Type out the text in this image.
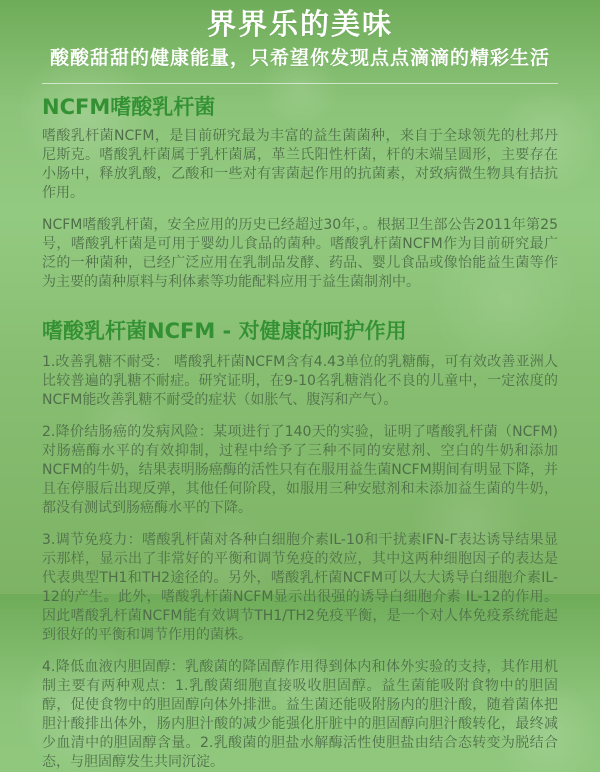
界界乐的美味
酸酸甜甜的健康能量，只希望你发现点点滴滴的精彩生活
NCFM嗜酸乳杆菌

嗜酸乳杆菌NCFM，是目前研究最为丰富的益生菌菌种，来自于全球领先的杜邦丹尼斯克。嗜酸乳杆菌属于乳杆菌属，革兰氏阳性杆菌，杆的末端呈圆形，主要存在小肠中，释放乳酸，乙酸和一些对有害菌起作用的抗菌素，对致病微生物具有拮抗作用。

NCFM嗜酸乳杆菌，安全应用的历史已经超过30年，。根据卫生部公告2011年第25号，嗜酸乳杆菌是可用于婴幼儿食品的菌种。嗜酸乳杆菌NCFM作为目前研究最广泛的一种菌种，已经广泛应用在乳制品发酵、药品、婴儿食品或像怡能益生菌等作为主要的菌种原料与利体素等功能配料应用于益生菌制剂中。

嗜酸乳杆菌NCFM - 对健康的呵护作用

1.改善乳糖不耐受： 嗜酸乳杆菌NCFM含有4.43单位的乳糖酶，可有效改善亚洲人比较普遍的乳糖不耐症。研究证明，在9-10名乳糖消化不良的儿童中，一定浓度的NCFM能改善乳糖不耐受的症状（如胀气、腹泻和产气）。

2.降价结肠癌的发病风险：某项进行了140天的实验，证明了嗜酸乳杆菌（NCFM)对肠癌酶水平的有效抑制，过程中给予了三种不同的安慰剂、空白的牛奶和添加NCFM的牛奶，结果表明肠癌酶的活性只有在服用益生菌NCFM期间有明显下降，并且在停服后出现反弹，其他任何阶段，如服用三种安慰剂和未添加益生菌的牛奶，都没有测试到肠癌酶水平的下降。

3.调节免疫力：嗜酸乳杆菌对各种白细胞介素IL-10和干扰素IFN-Γ表达诱导结果显示那样，显示出了非常好的平衡和调节免疫的效应，其中这两种细胞因子的表达是代表典型TH1和TH2途径的。另外，嗜酸乳杆菌NCFM可以大大诱导白细胞介素IL-12的产生。此外，嗜酸乳杆菌NCFM显示出很强的诱导白细胞介素 IL-12的作用。因此嗜酸乳杆菌NCFM能有效调节TH1/TH2免疫平衡，是一个对人体免疫系统能起到很好的平衡和调节作用的菌株。

4.降低血液内胆固醇：乳酸菌的降固醇作用得到体内和体外实验的支持，其作用机制主要有两种观点：1.乳酸菌细胞直接吸收胆固醇。益生菌能吸附食物中的胆固醇，促使食物中的胆固醇向体外排泄。益生菌还能吸附肠内的胆汁酸，随着菌体把胆汁酸排出体外，肠内胆汁酸的减少能强化肝脏中的胆固醇向胆汁酸转化，最终减少血清中的胆固醇含量。2.乳酸菌的胆盐水解酶活性使胆盐由结合态转变为脱结合态，与胆固醇发生共同沉淀。
